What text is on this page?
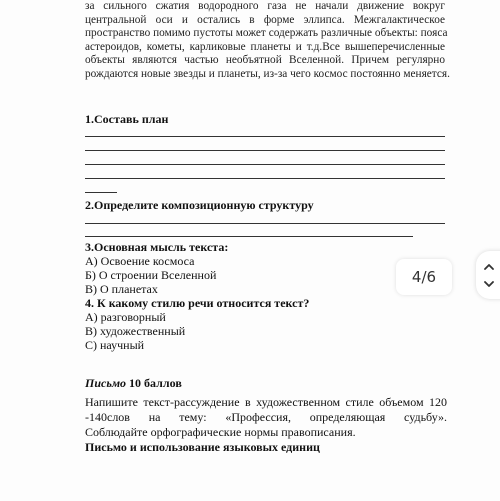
за сильного сжатия водородного газа не начали движение вокруг
центральной оси и остались в форме эллипса. Межгалактическое
пространство помимо пустоты может содержать различные объекты: пояса
астероидов, кометы, карликовые планеты и т.д.Все вышеперечисленные
объекты являются частью необъятной Вселенной. Причем регулярно
рождаются новые звезды и планеты, из-за чего космос постоянно меняется.
1.Составь план
2.Определите композиционную структуру
3.Основная мысль текста:
А) Освоение космоса
Б) О строении Вселенной
В) О планетах
4. К какому стилю речи относится текст?
А) разговорный
В) художественный
С) научный
Письмо 10 баллов
Напишите текст-рассуждение в художественном стиле объемом 120
-140слов на тему: «Профессия, определяющая судьбу».
Соблюдайте орфографические нормы правописания.
Письмо и использование языковых единиц
4/6
